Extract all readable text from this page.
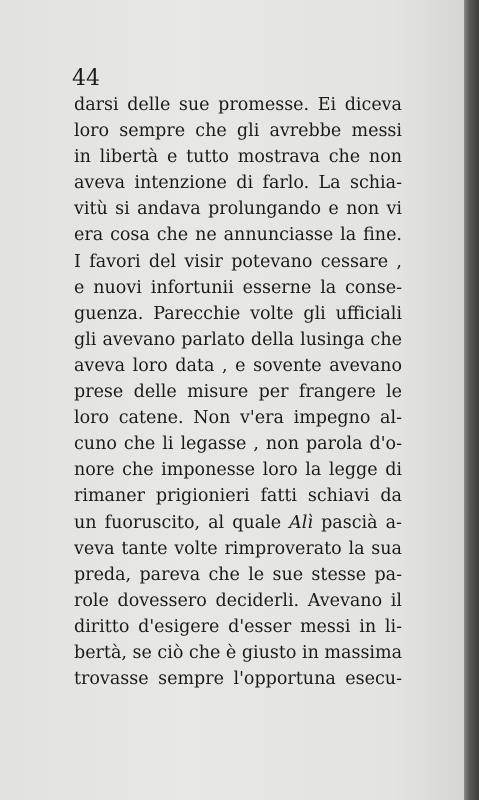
44
darsi delle sue promesse. Ei diceva
loro sempre che gli avrebbe messi
in libertà e tutto mostrava che non
aveva intenzione di farlo. La schia-
vitù si andava prolungando e non vi
era cosa che ne annunciasse la fine.
I favori del visir potevano cessare ,
e nuovi infortunii esserne la conse-
guenza. Parecchie volte gli ufficiali
gli avevano parlato della lusinga che
aveva loro data , e sovente avevano
prese delle misure per frangere le
loro catene. Non v'era impegno al-
cuno che li legasse , non parola d'o-
nore che imponesse loro la legge di
rimaner prigionieri fatti schiavi da
un fuoruscito, al quale Alì pascià a-
veva tante volte rimproverato la sua
preda, pareva che le sue stesse pa-
role dovessero deciderli. Avevano il
diritto d'esigere d'esser messi in li-
bertà, se ciò che è giusto in massima
trovasse sempre l'opportuna esecu-
